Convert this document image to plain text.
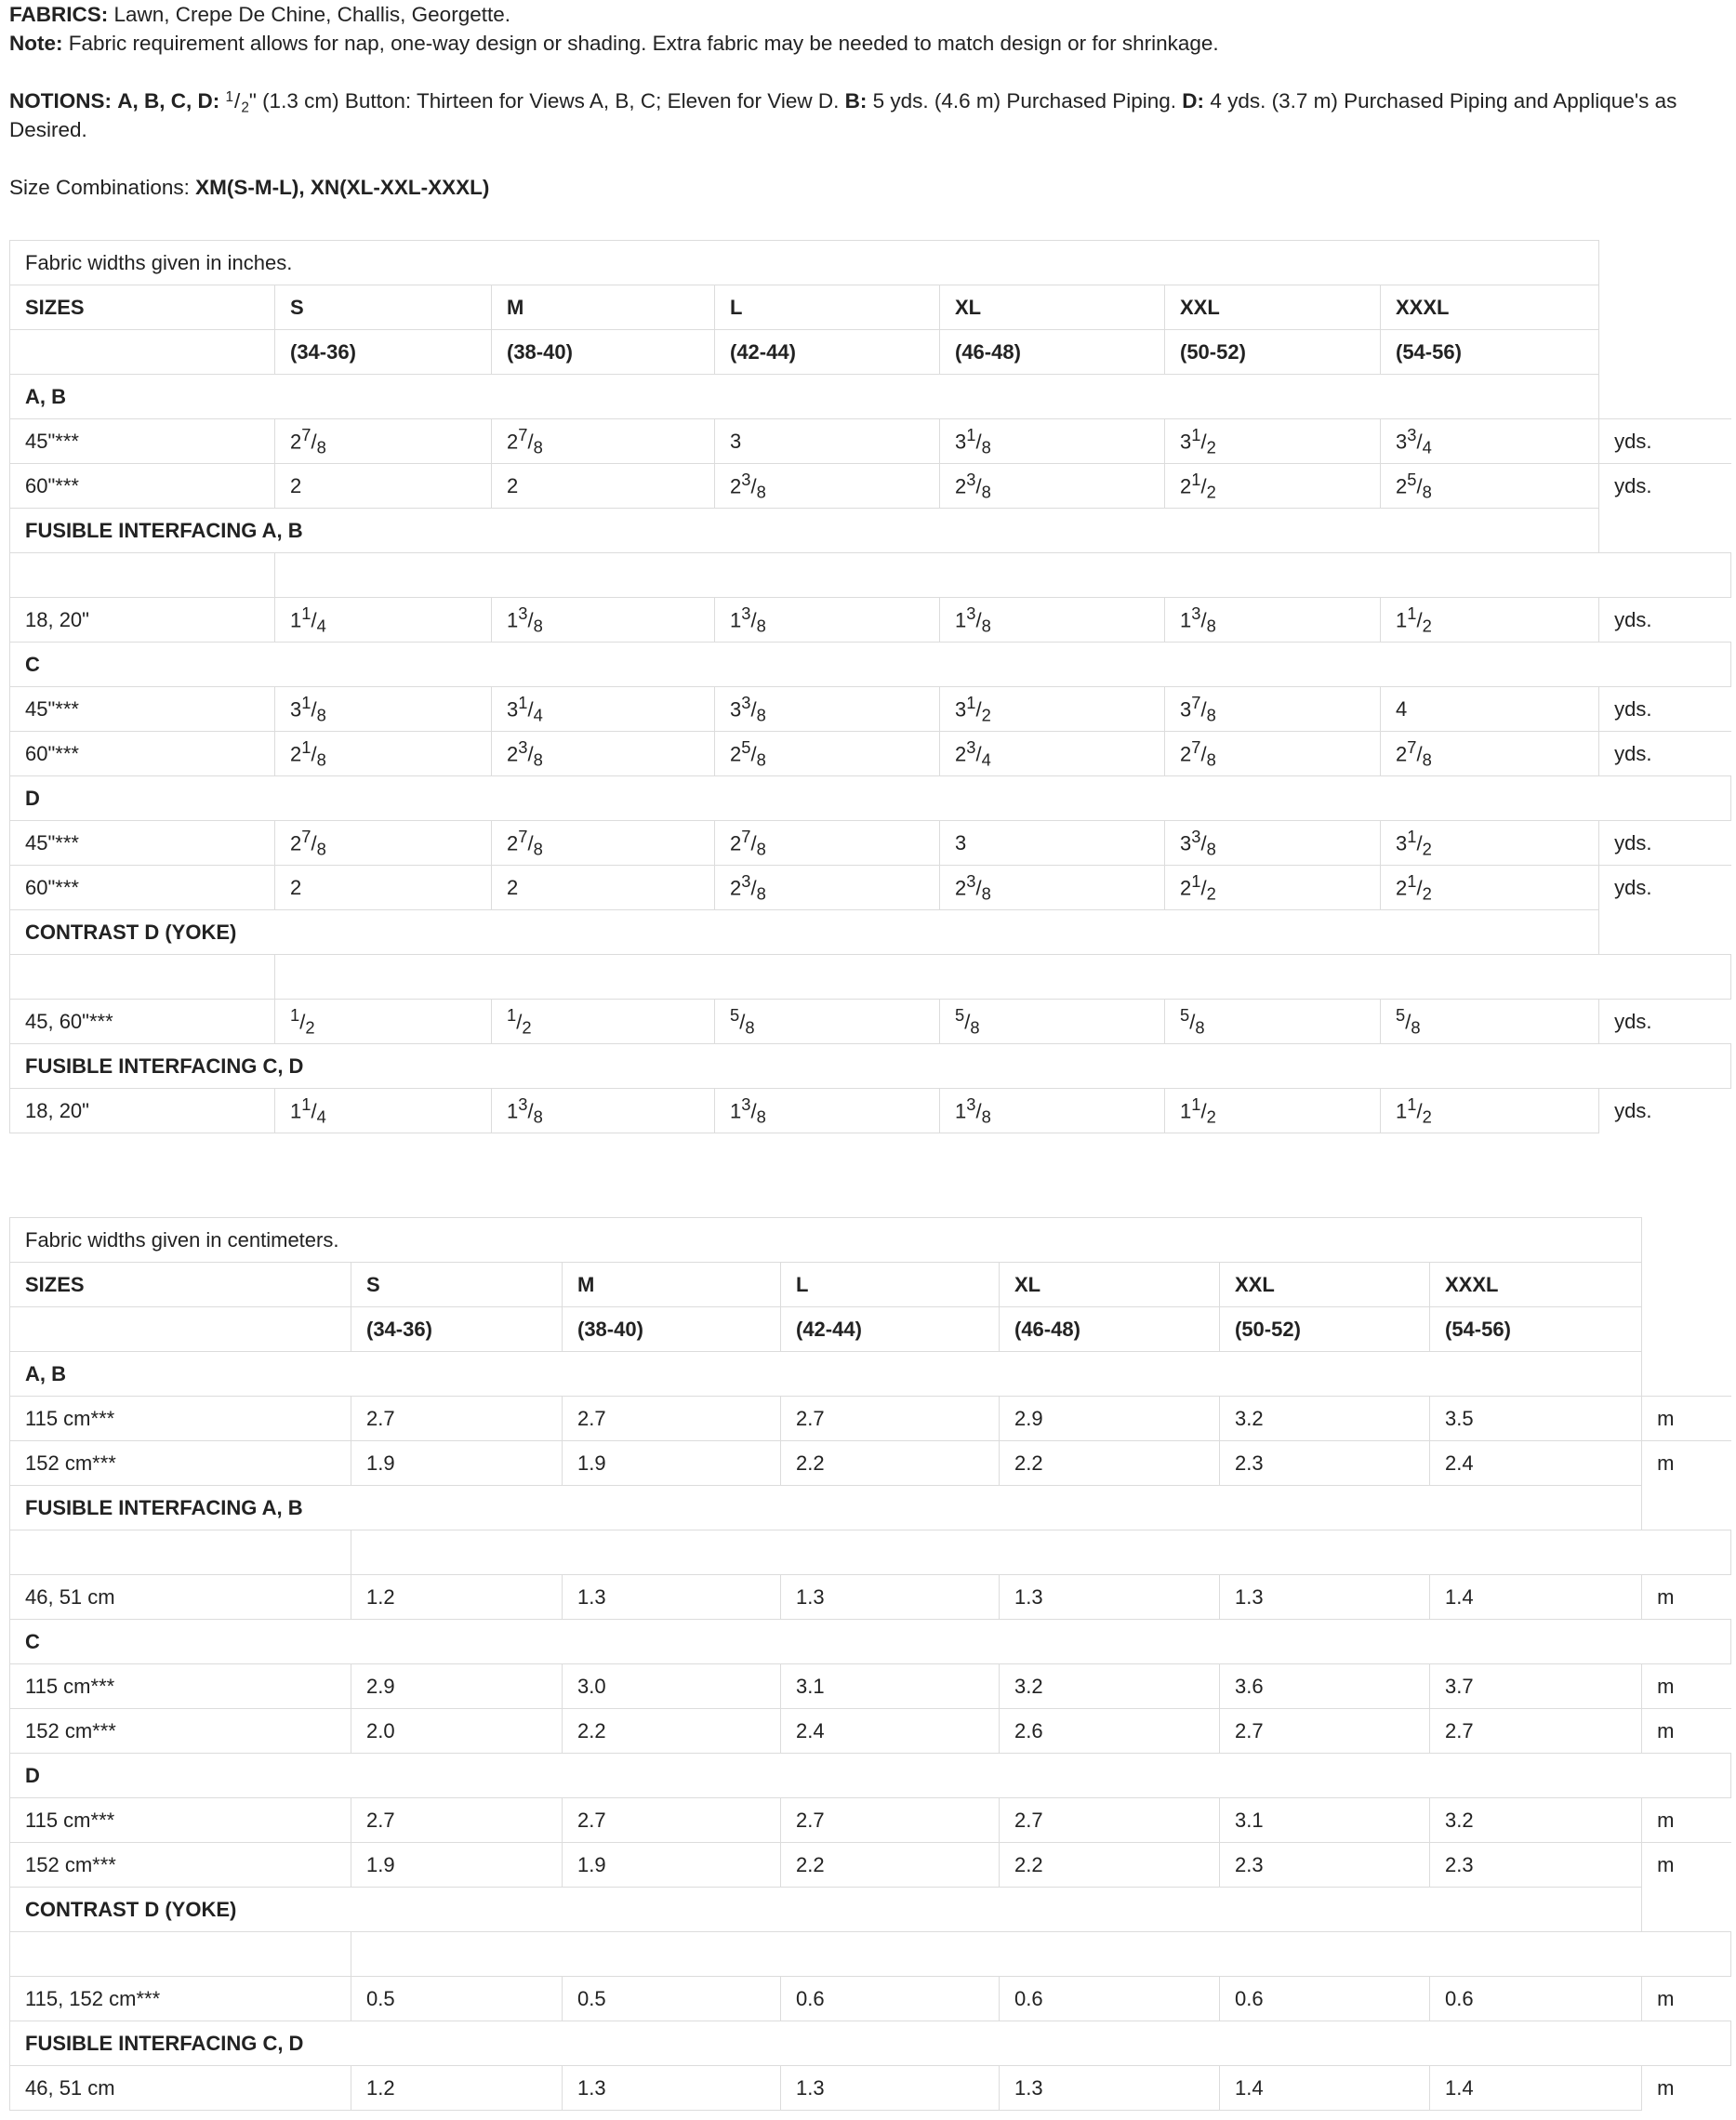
FABRICS: Lawn, Crepe De Chine, Challis, Georgette.

Note: Fabric requirement allows for nap, one-way design or shading. Extra fabric may be needed to match design or for shrinkage.

NOTIONS: A, B, C, D: $^1/_2$" (1.3 cm) Button: Thirteen for Views A, B, C; Eleven for View D. B: 5 yds. (4.6 m) Purchased Piping. D: 4 yds. (3.7 m) Purchased Piping and Applique's as Desired.

Size Combinations: XM(S-M-L), XN(XL-XXL-XXXL)

Fabric widths given in inches.							
SIZES	S	M	L	XL	XXL	XXXL	
	(34-36)	(38-40)	(42-44)	(46-48)	(50-52)	(54-56)	
A, B							
45"***	$2^7/_8$	$2^7/_8$	3	$3^1/_8$	$3^1/_2$	$3^3/_4$	yds.
60"***	2	2	$2^3/_8$	$2^3/_8$	$2^1/_2$	$2^5/_8$	yds.
FUSIBLE INTERFACING A, B							

18, 20"	$1^1/_4$	$1^3/_8$	$1^3/_8$	$1^3/_8$	$1^3/_8$	$1^1/_2$	yds.
C							
45"***	$3^1/_8$	$3^1/_4$	$3^3/_8$	$3^1/_2$	$3^7/_8$	4	yds.
60"***	$2^1/_8$	$2^3/_8$	$2^5/_8$	$2^3/_4$	$2^7/_8$	$2^7/_8$	yds.
D							
45"***	$2^7/_8$	$2^7/_8$	$2^7/_8$	3	$3^3/_8$	$3^1/_2$	yds.
60"***	2	2	$2^3/_8$	$2^3/_8$	$2^1/_2$	$2^1/_2$	yds.
CONTRAST D (YOKE)							

45, 60"***	$^1/_2$	$^1/_2$	$^5/_8$	$^5/_8$	$^5/_8$	$^5/_8$	yds.
FUSIBLE INTERFACING C, D							
18, 20"	$1^1/_4$	$1^3/_8$	$1^3/_8$	$1^3/_8$	$1^1/_2$	$1^1/_2$	yds.
Fabric widths given in centimeters.							
SIZES	S	M	L	XL	XXL	XXXL	
	(34-36)	(38-40)	(42-44)	(46-48)	(50-52)	(54-56)	
A, B							
115 cm***	2.7	2.7	2.7	2.9	3.2	3.5	m
152 cm***	1.9	1.9	2.2	2.2	2.3	2.4	m
FUSIBLE INTERFACING A, B							

46, 51 cm	1.2	1.3	1.3	1.3	1.3	1.4	m
C							
115 cm***	2.9	3.0	3.1	3.2	3.6	3.7	m
152 cm***	2.0	2.2	2.4	2.6	2.7	2.7	m
D							
115 cm***	2.7	2.7	2.7	2.7	3.1	3.2	m
152 cm***	1.9	1.9	2.2	2.2	2.3	2.3	m
CONTRAST D (YOKE)							

115, 152 cm***	0.5	0.5	0.6	0.6	0.6	0.6	m
FUSIBLE INTERFACING C, D							
46, 51 cm	1.2	1.3	1.3	1.3	1.4	1.4	m
